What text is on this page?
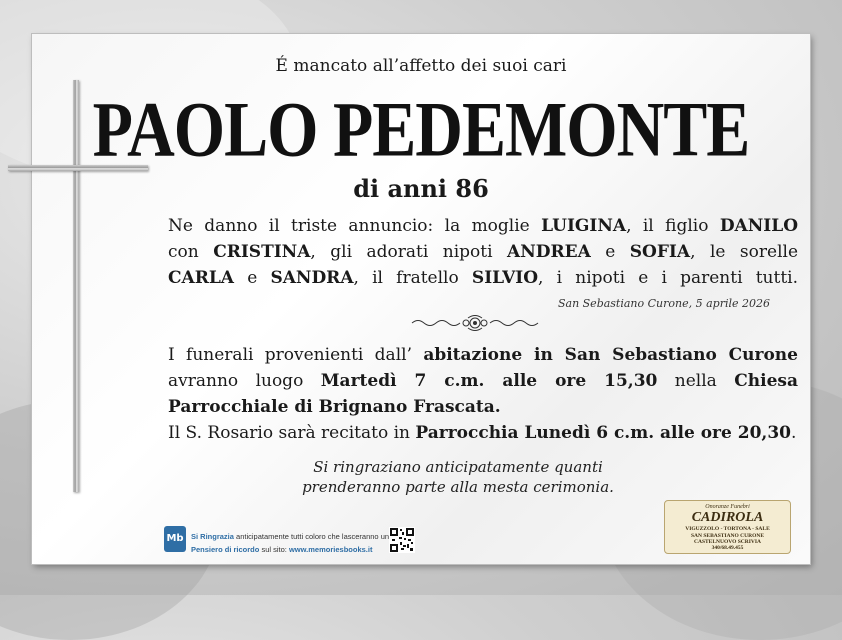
É mancato all’affetto dei suoi cari
PAOLO PEDEMONTE
di anni 86
Ne danno il triste annuncio: la moglie LUIGINA, il figlio DANILO
con CRISTINA, gli adorati nipoti ANDREA e SOFIA, le sorelle
CARLA e SANDRA, il fratello SILVIO, i nipoti e i parenti tutti.
San Sebastiano Curone, 5 aprile 2026
I funerali provenienti dall’ abitazione in San Sebastiano Curone
avranno luogo Martedì 7 c.m. alle ore 15,30 nella Chiesa
Parrocchiale di Brignano Frascata.
Il S. Rosario sarà recitato in Parrocchia Lunedì 6 c.m. alle ore 20,30.
Si ringraziano anticipatamente quanti
prenderanno parte alla mesta cerimonia.
Mb Si Ringrazia anticipatamente tutti coloro che lasceranno un
Pensiero di ricordo sul sito: www.memoriesbooks.it
Onoranze Funebri
CADIROLA
VIGUZZOLO - TORTONA - SALE
SAN SEBASTIANO CURONE
CASTELNUOVO SCRIVIA
340/68.49.455
